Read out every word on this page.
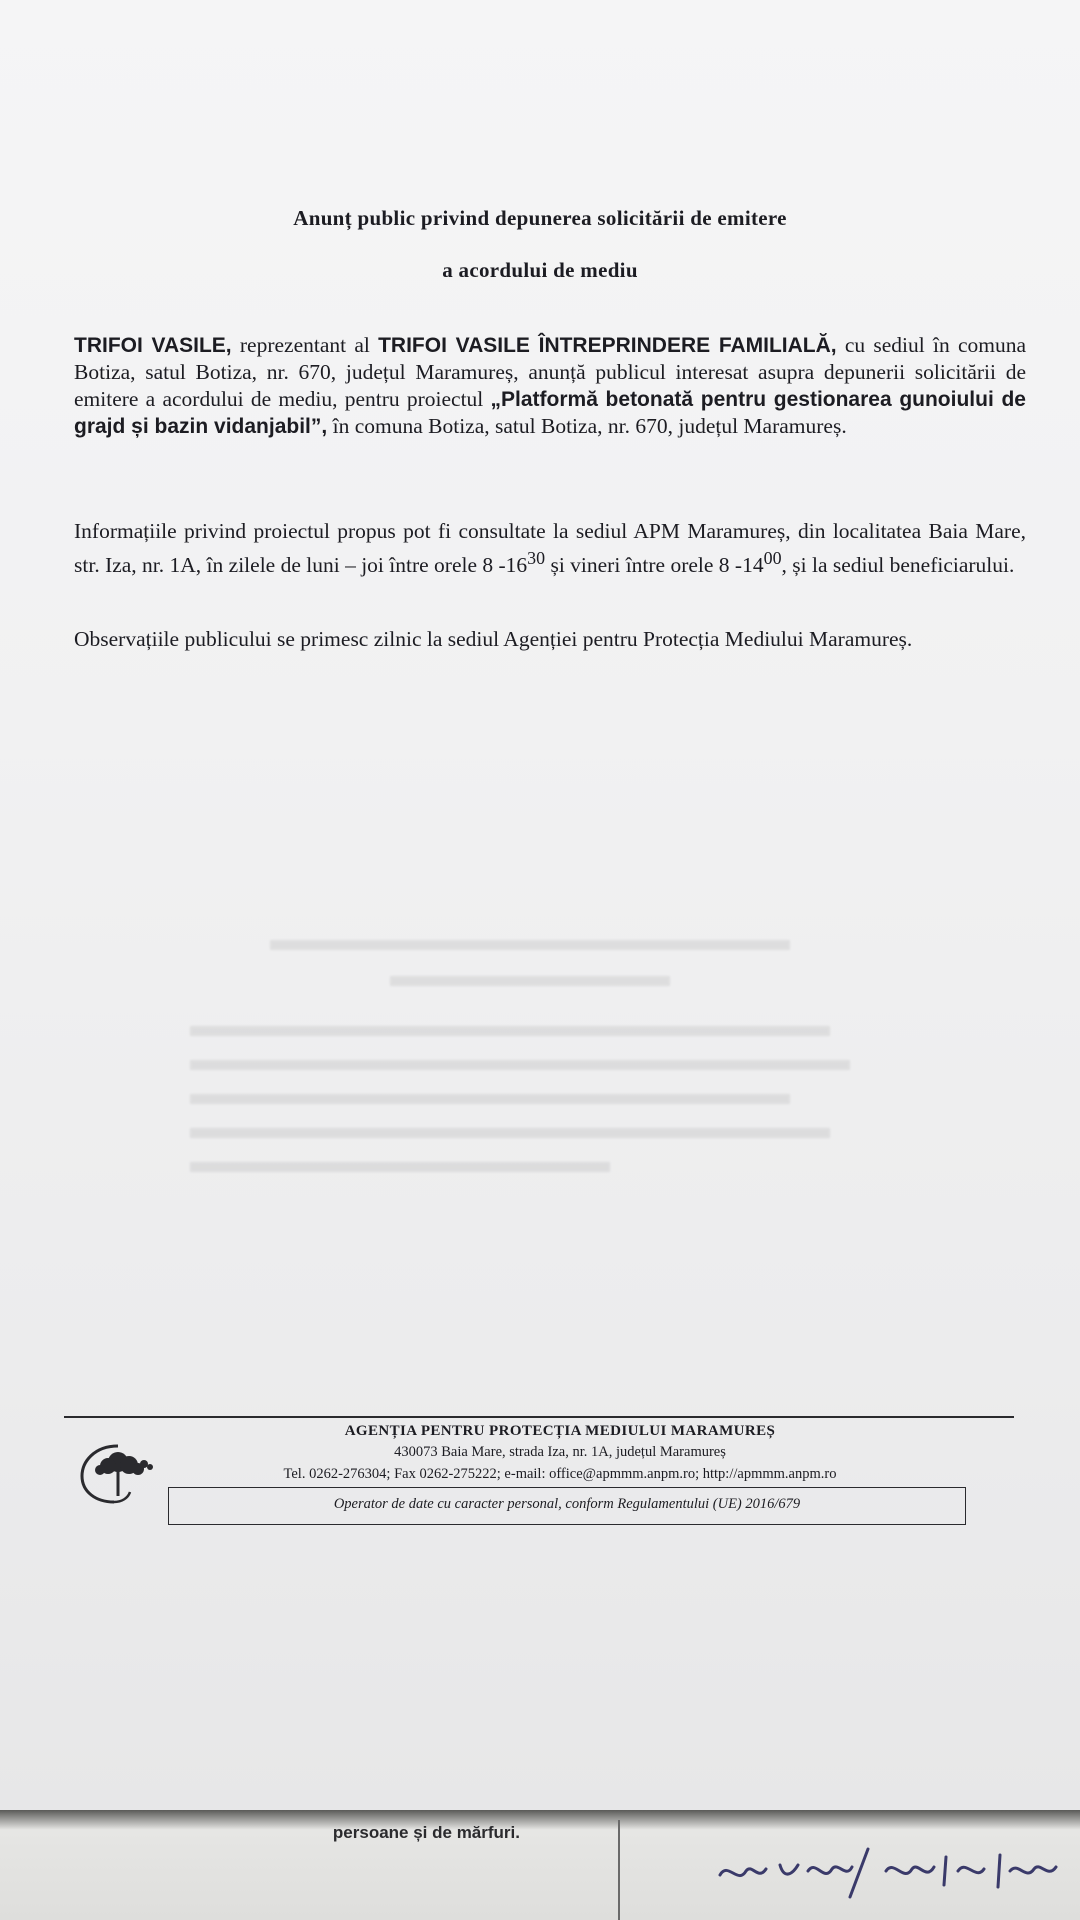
Anunț public privind depunerea solicitării de emitere
a acordului de mediu
TRIFOI VASILE, reprezentant al TRIFOI VASILE ÎNTREPRINDERE FAMILIALĂ, cu sediul în comuna Botiza, satul Botiza, nr. 670, județul Maramureș, anunță publicul interesat asupra depunerii solicitării de emitere a acordului de mediu, pentru proiectul „Platformă betonată pentru gestionarea gunoiului de grajd și bazin vidanjabil”, în comuna Botiza, satul Botiza, nr. 670, județul Maramureș.
Informațiile privind proiectul propus pot fi consultate la sediul APM Maramureș, din localitatea Baia Mare, str. Iza, nr. 1A, în zilele de luni – joi între orele 8 $-16^{30}$ și vineri între orele 8 $-14^{00}$, și la sediul beneficiarului.
Observațiile publicului se primesc zilnic la sediul Agenției pentru Protecția Mediului Maramureș.
AGENȚIA PENTRU PROTECȚIA MEDIULUI MARAMUREȘ
430073 Baia Mare, strada Iza, nr. 1A, județul Maramureș
Tel. 0262-276304; Fax 0262-275222; e-mail: office@apmmm.anpm.ro; http://apmmm.anpm.ro
Operator de date cu caracter personal, conform Regulamentului (UE) 2016/679
persoane și de mărfuri.
